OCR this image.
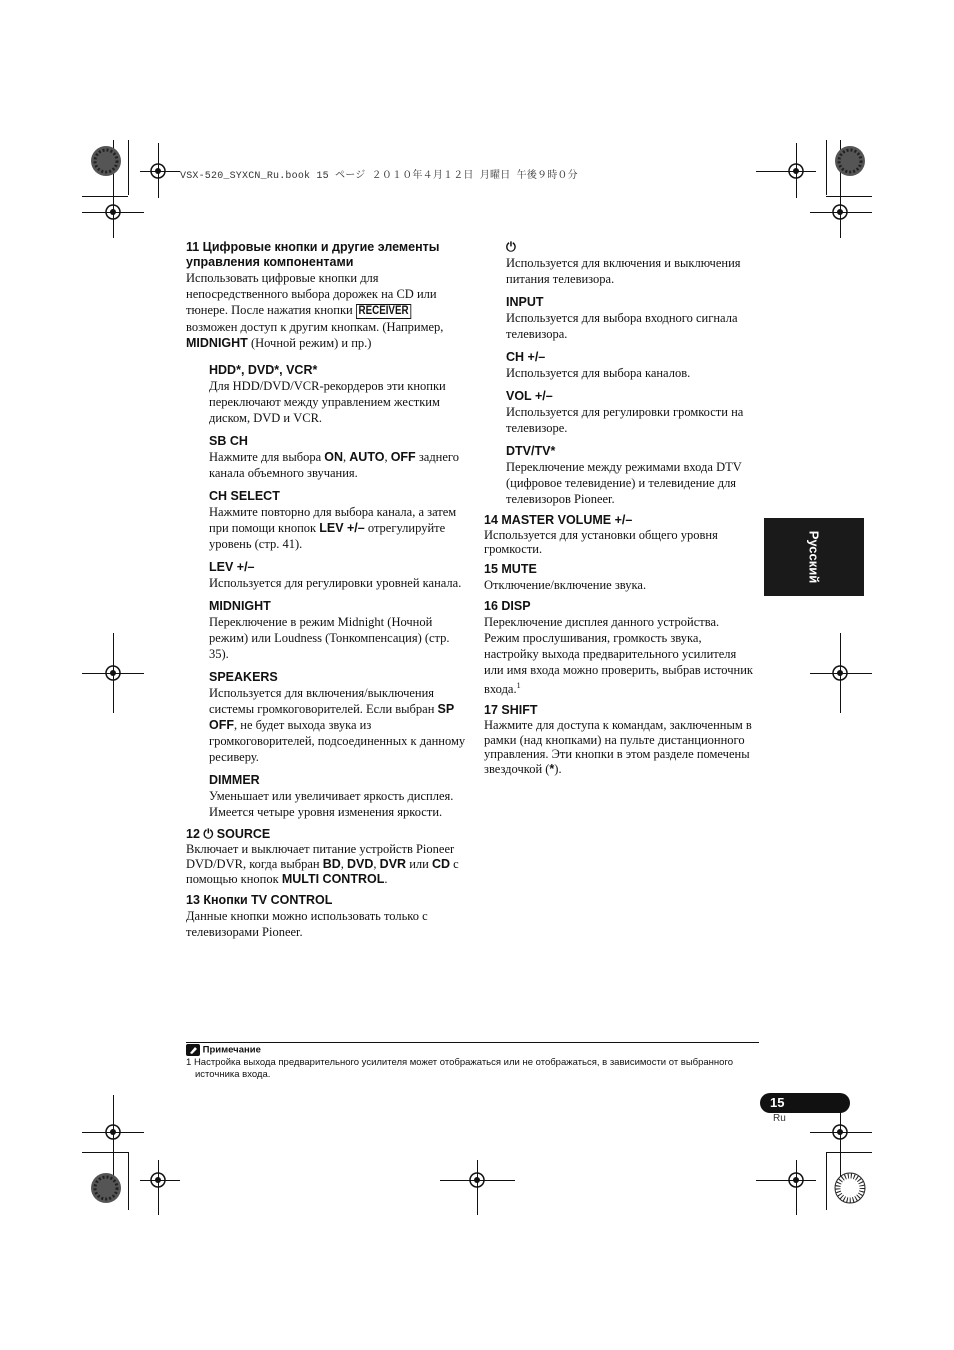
VSX-520_SYXCN_Ru.book 15 ページ ２０１０年４月１２日 月曜日 午後９時０分

11 Цифровые кнопки и другие элементы управления компонентами

Использовать цифровые кнопки для непосредственного выбора дорожек на CD или тюнере. После нажатия кнопки RECEIVER возможен доступ к другим кнопкам. (Например, MIDNIGHT (Ночной режим) и пр.)

HDD*, DVD*, VCR*

Для HDD/DVD/VCR-рекордеров эти кнопки переключают между управлением жестким диском, DVD и VCR.

SB CH

Нажмите для выбора ON, AUTO, OFF заднего канала объемного звучания.

CH SELECT

Нажмите повторно для выбора канала, а затем при помощи кнопок LEV +/– отрегулируйте уровень (стр. 41).

LEV +/–

Используется для регулировки уровней канала.

MIDNIGHT

Переключение в режим Midnight (Ночной режим) или Loudness (Тонкомпенсация) (стр. 35).

SPEAKERS

Используется для включения/выключения системы громкоговорителей. Если выбран SP OFF, не будет выхода звука из громкоговорителей, подсоединенных к данному ресиверу.

DIMMER

Уменьшает или увеличивает яркость дисплея. Имеется четыре уровня изменения яркости.

12 ⏻ SOURCE

Включает и выключает питание устройств Pioneer DVD/DVR, когда выбран BD, DVD, DVR или CD с помощью кнопок MULTI CONTROL.

13 Кнопки TV CONTROL

Данные кнопки можно использовать только с телевизорами Pioneer.

⏻

Используется для включения и выключения питания телевизора.

INPUT

Используется для выбора входного сигнала телевизора.

CH +/–

Используется для выбора каналов.

VOL +/–

Используется для регулировки громкости на телевизоре.

DTV/TV*

Переключение между режимами входа DTV (цифровое телевидение) и телевидение для телевизоров Pioneer.

14 MASTER VOLUME +/–

Используется для установки общего уровня громкости.

15 MUTE

Отключение/включение звука.

16 DISP

Переключение дисплея данного устройства. Режим прослушивания, громкость звука, настройку выхода предварительного усилителя или имя входа можно проверить, выбрав источник входа.$^1$

17 SHIFT

Нажмите для доступа к командам, заключенным в рамки (над кнопками) на пульте дистанционного управления. Эти кнопки в этом разделе помечены звездочкой (*).

Русский
Примечание
1 Настройка выхода предварительного усилителя может отображаться или не отображаться, в зависимости от выбранного источника входа.
15
Ru
